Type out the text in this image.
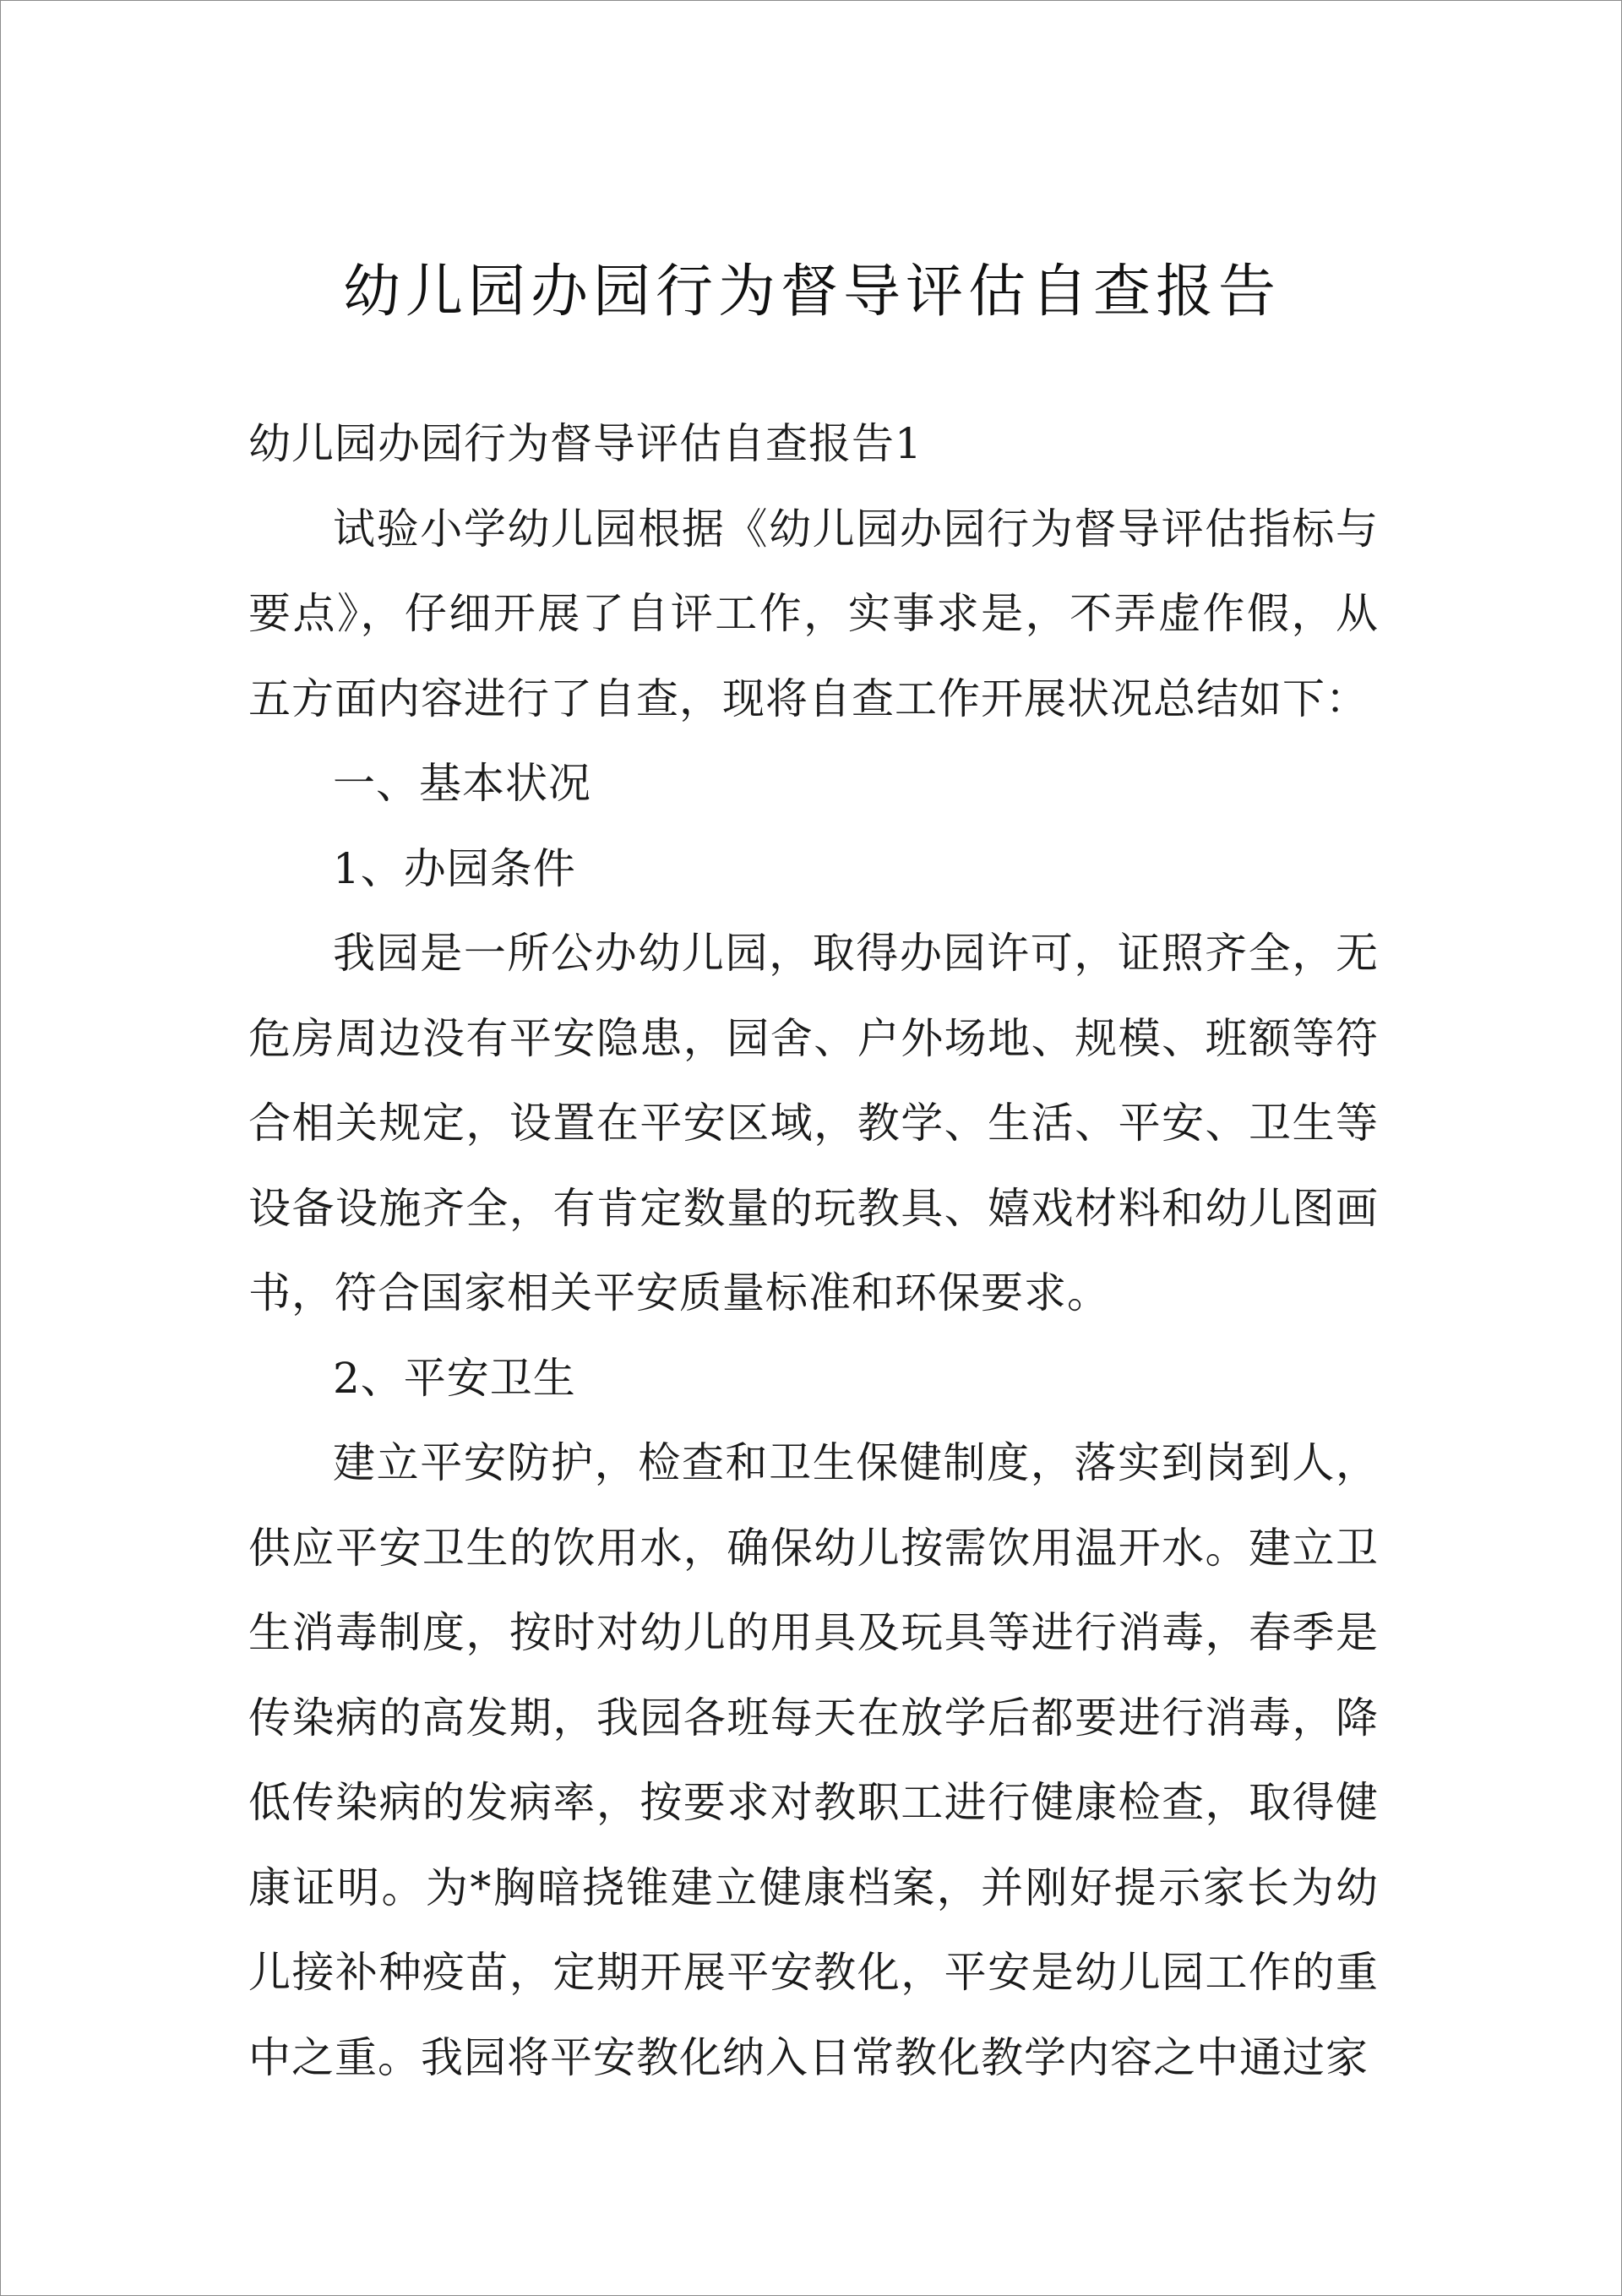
幼儿园办园行为督导评估自查报告

幼儿园办园行为督导评估自查报告1

试验小学幼儿园根据《幼儿园办园行为督导评估指标与要点》，仔细开展了自评工作，实事求是，不弄虚作假，从五方面内容进行了自查，现将自查工作开展状况总结如下：

一、基本状况

1、办园条件

我园是一所公办幼儿园，取得办园许可，证照齐全，无危房周边没有平安隐患，园舍、户外场地、规模、班额等符合相关规定，设置在平安区域，教学、生活、平安、卫生等设备设施齐全，有肯定数量的玩教具、嬉戏材料和幼儿图画书，符合国家相关平安质量标准和环保要求。

2、平安卫生

建立平安防护，检查和卫生保健制度，落实到岗到人，供应平安卫生的饮用水，确保幼儿按需饮用温开水。建立卫生消毒制度，按时对幼儿的用具及玩具等进行消毒，春季是传染病的高发期，我园各班每天在放学后都要进行消毒，降低传染病的发病率，按要求对教职工进行健康检查，取得健康证明。为*胸暗挠锥建立健康档案，并刚好提示家长为幼儿接补种疫苗，定期开展平安教化，平安是幼儿园工作的重中之重。我园将平安教化纳入日常教化教学内容之中通过家
